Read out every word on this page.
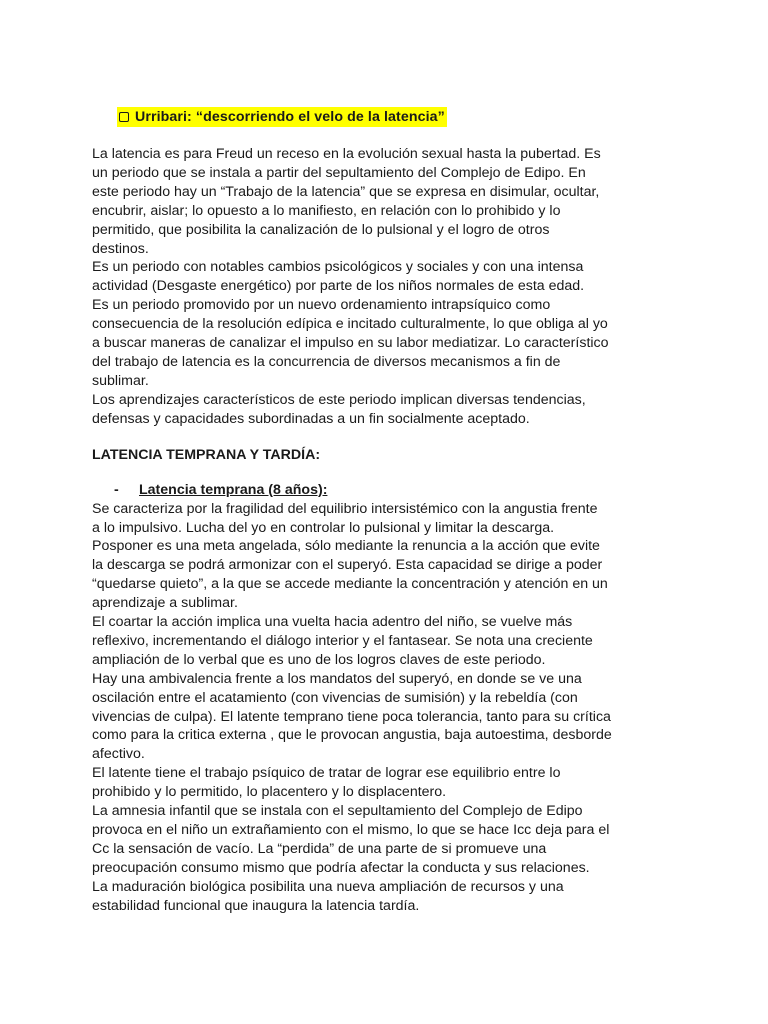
Urribari: “descorriendo el velo de la latencia”
La latencia es para Freud un receso en la evolución sexual hasta la pubertad. Es
un periodo que se instala a partir del sepultamiento del Complejo de Edipo. En
este periodo hay un “Trabajo de la latencia” que se expresa en disimular, ocultar,
encubrir, aislar; lo opuesto a lo manifiesto, en relación con lo prohibido y lo
permitido, que posibilita la canalización de lo pulsional y el logro de otros
destinos.
Es un periodo con notables cambios psicológicos y sociales y con una intensa
actividad (Desgaste energético) por parte de los niños normales de esta edad.
Es un periodo promovido por un nuevo ordenamiento intrapsíquico como
consecuencia de la resolución edípica e incitado culturalmente, lo que obliga al yo
a buscar maneras de canalizar el impulso en su labor mediatizar. Lo característico
del trabajo de latencia es la concurrencia de diversos mecanismos a fin de
sublimar.
Los aprendizajes característicos de este periodo implican diversas tendencias,
defensas y capacidades subordinadas a un fin socialmente aceptado.
LATENCIA TEMPRANA Y TARDÍA:
-	Latencia temprana (8 años):
Se caracteriza por la fragilidad del equilibrio intersistémico con la angustia frente
a lo impulsivo. Lucha del yo en controlar lo pulsional y limitar la descarga.
Posponer es una meta angelada, sólo mediante la renuncia a la acción que evite
la descarga se podrá armonizar con el superyó. Esta capacidad se dirige a poder
“quedarse quieto”, a la que se accede mediante la concentración y atención en un
aprendizaje a sublimar.
El coartar la acción implica una vuelta hacia adentro del niño, se vuelve más
reflexivo, incrementando el diálogo interior y el fantasear. Se nota una creciente
ampliación de lo verbal que es uno de los logros claves de este periodo.
Hay una ambivalencia frente a los mandatos del superyó, en donde se ve una
oscilación entre el acatamiento (con vivencias de sumisión) y la rebeldía (con
vivencias de culpa). El latente temprano tiene poca tolerancia, tanto para su crítica
como para la critica externa , que le provocan angustia, baja autoestima, desborde
afectivo.
El latente tiene el trabajo psíquico de tratar de lograr ese equilibrio entre lo
prohibido y lo permitido, lo placentero y lo displacentero.
La amnesia infantil que se instala con el sepultamiento del Complejo de Edipo
provoca en el niño un extrañamiento con el mismo, lo que se hace Icc deja para el
Cc la sensación de vacío. La “perdida” de una parte de si promueve una
preocupación consumo mismo que podría afectar la conducta y sus relaciones.
La maduración biológica posibilita una nueva ampliación de recursos y una
estabilidad funcional que inaugura la latencia tardía.
